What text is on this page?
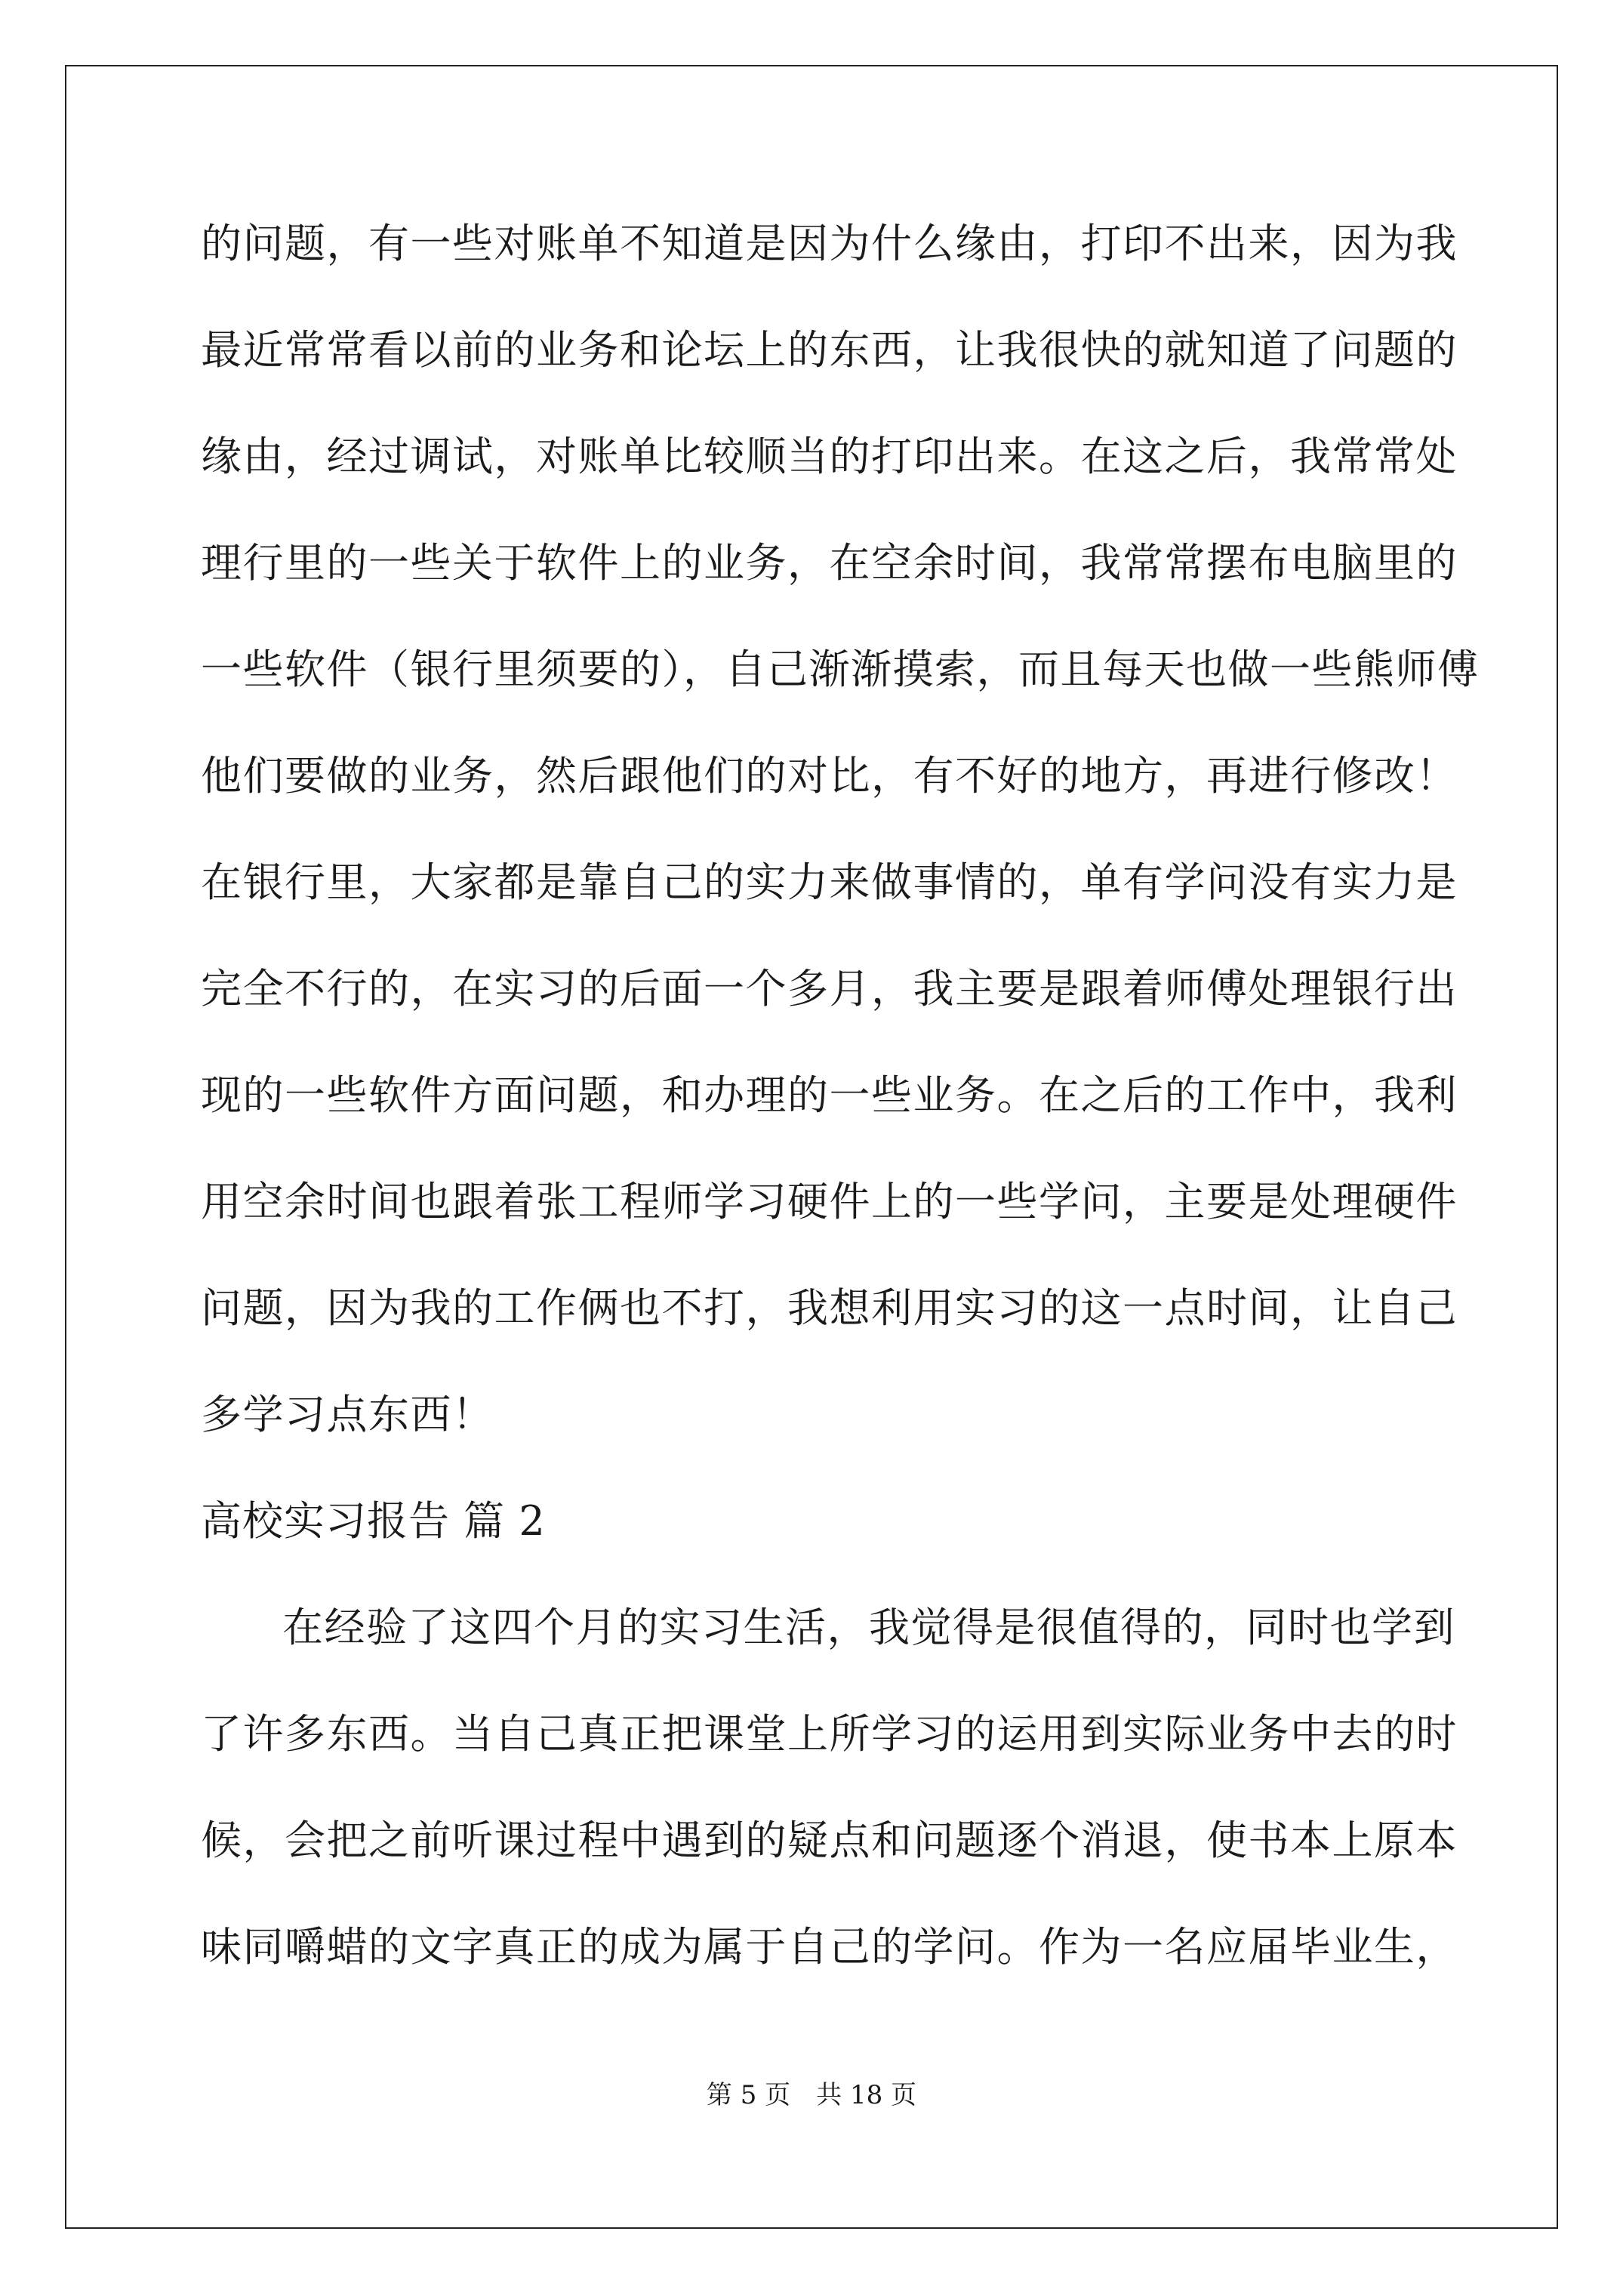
的问题，有一些对账单不知道是因为什么缘由，打印不出来，因为我
最近常常看以前的业务和论坛上的东西，让我很快的就知道了问题的
缘由，经过调试，对账单比较顺当的打印出来。在这之后，我常常处
理行里的一些关于软件上的业务，在空余时间，我常常摆布电脑里的
一些软件（银行里须要的），自己渐渐摸索，而且每天也做一些熊师傅
他们要做的业务，然后跟他们的对比，有不好的地方，再进行修改！
在银行里，大家都是靠自己的实力来做事情的，单有学问没有实力是
完全不行的，在实习的后面一个多月，我主要是跟着师傅处理银行出
现的一些软件方面问题，和办理的一些业务。在之后的工作中，我利
用空余时间也跟着张工程师学习硬件上的一些学问，主要是处理硬件
问题，因为我的工作俩也不打，我想利用实习的这一点时间，让自己
多学习点东西！
高校实习报告 篇 2
在经验了这四个月的实习生活，我觉得是很值得的，同时也学到
了许多东西。当自己真正把课堂上所学习的运用到实际业务中去的时
候，会把之前听课过程中遇到的疑点和问题逐个消退，使书本上原本
味同嚼蜡的文字真正的成为属于自己的学问。作为一名应届毕业生，
第 5 页　共 18 页
